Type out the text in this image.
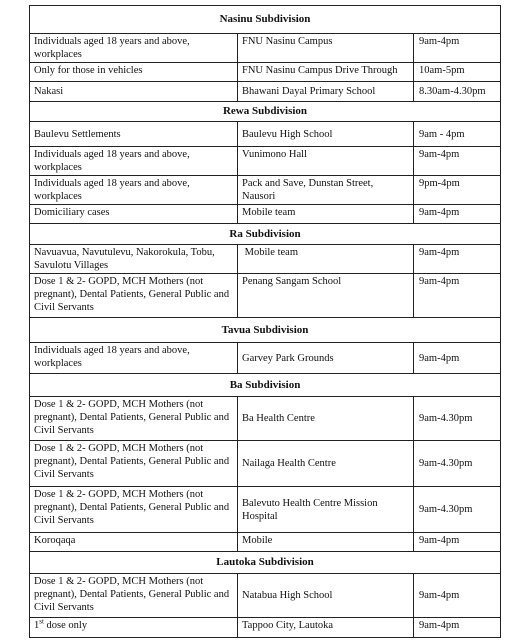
Nasinu Subdivision		
Individuals aged 18 years and above, workplaces	FNU Nasinu Campus	9am-4pm
Only for those in vehicles	FNU Nasinu Campus Drive Through	10am-5pm
Nakasi	Bhawani Dayal Primary School	8.30am-4.30pm
Rewa Subdivision		
Baulevu Settlements	Baulevu High School	9am - 4pm
Individuals aged 18 years and above, workplaces	Vunimono Hall	9am-4pm
Individuals aged 18 years and above, workplaces	Pack and Save, Dunstan Street, Nausori	9pm-4pm
Domiciliary cases	Mobile team	9am-4pm
Ra Subdivision		
Navuavua, Navutulevu, Nakorokula, Tobu, Savulotu Villages	Mobile team	9am-4pm
Dose 1 & 2- GOPD, MCH Mothers (not pregnant), Dental Patients, General Public and Civil Servants	Penang Sangam School	9am-4pm
Tavua Subdivision		
Individuals aged 18 years and above, workplaces	Garvey Park Grounds	9am-4pm
Ba Subdivision		
Dose 1 & 2- GOPD, MCH Mothers (not pregnant), Dental Patients, General Public and Civil Servants	Ba Health Centre	9am-4.30pm
Dose 1 & 2- GOPD, MCH Mothers (not pregnant), Dental Patients, General Public and Civil Servants	Nailaga Health Centre	9am-4.30pm
Dose 1 & 2- GOPD, MCH Mothers (not pregnant), Dental Patients, General Public and Civil Servants	Balevuto Health Centre Mission Hospital	9am-4.30pm
Koroqaqa	Mobile	9am-4pm
Lautoka Subdivision		
Dose 1 & 2- GOPD, MCH Mothers (not pregnant), Dental Patients, General Public and Civil Servants	Natabua High School	9am-4pm
1st dose only	Tappoo City, Lautoka	9am-4pm
